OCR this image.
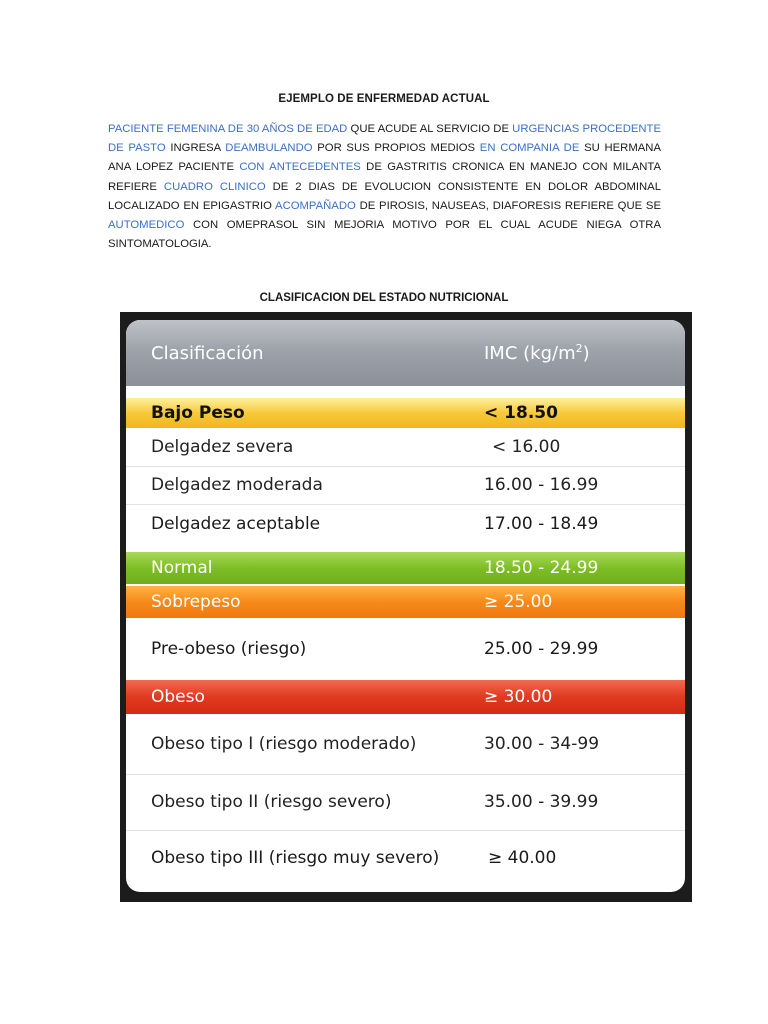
EJEMPLO DE ENFERMEDAD ACTUAL
PACIENTE FEMENINA DE 30 AÑOS DE EDAD QUE ACUDE AL SERVICIO DE URGENCIAS PROCEDENTE DE PASTO INGRESA DEAMBULANDO POR SUS PROPIOS MEDIOS EN COMPANIA DE SU HERMANA ANA LOPEZ PACIENTE CON ANTECEDENTES DE GASTRITIS CRONICA EN MANEJO CON MILANTA REFIERE CUADRO CLINICO DE 2 DIAS DE EVOLUCION CONSISTENTE EN DOLOR ABDOMINAL LOCALIZADO EN EPIGASTRIO ACOMPAÑADO DE PIROSIS, NAUSEAS, DIAFORESIS REFIERE QUE SE AUTOMEDICO CON OMEPRASOL SIN MEJORIA MOTIVO POR EL CUAL ACUDE NIEGA OTRA SINTOMATOLOGIA.
CLASIFICACION DEL ESTADO NUTRICIONAL
Clasificación	IMC $(kg/m^2)$
Bajo Peso	< 18.50
Delgadez severa	< 16.00
Delgadez moderada	16.00 - 16.99
Delgadez aceptable	17.00 - 18.49
Normal	18.50 - 24.99
Sobrepeso	≥ 25.00
Pre-obeso (riesgo)	25.00 - 29.99
Obeso	≥ 30.00
Obeso tipo I (riesgo moderado)	30.00 - 34-99
Obeso tipo II (riesgo severo)	35.00 - 39.99
Obeso tipo III (riesgo muy severo)	≥ 40.00
